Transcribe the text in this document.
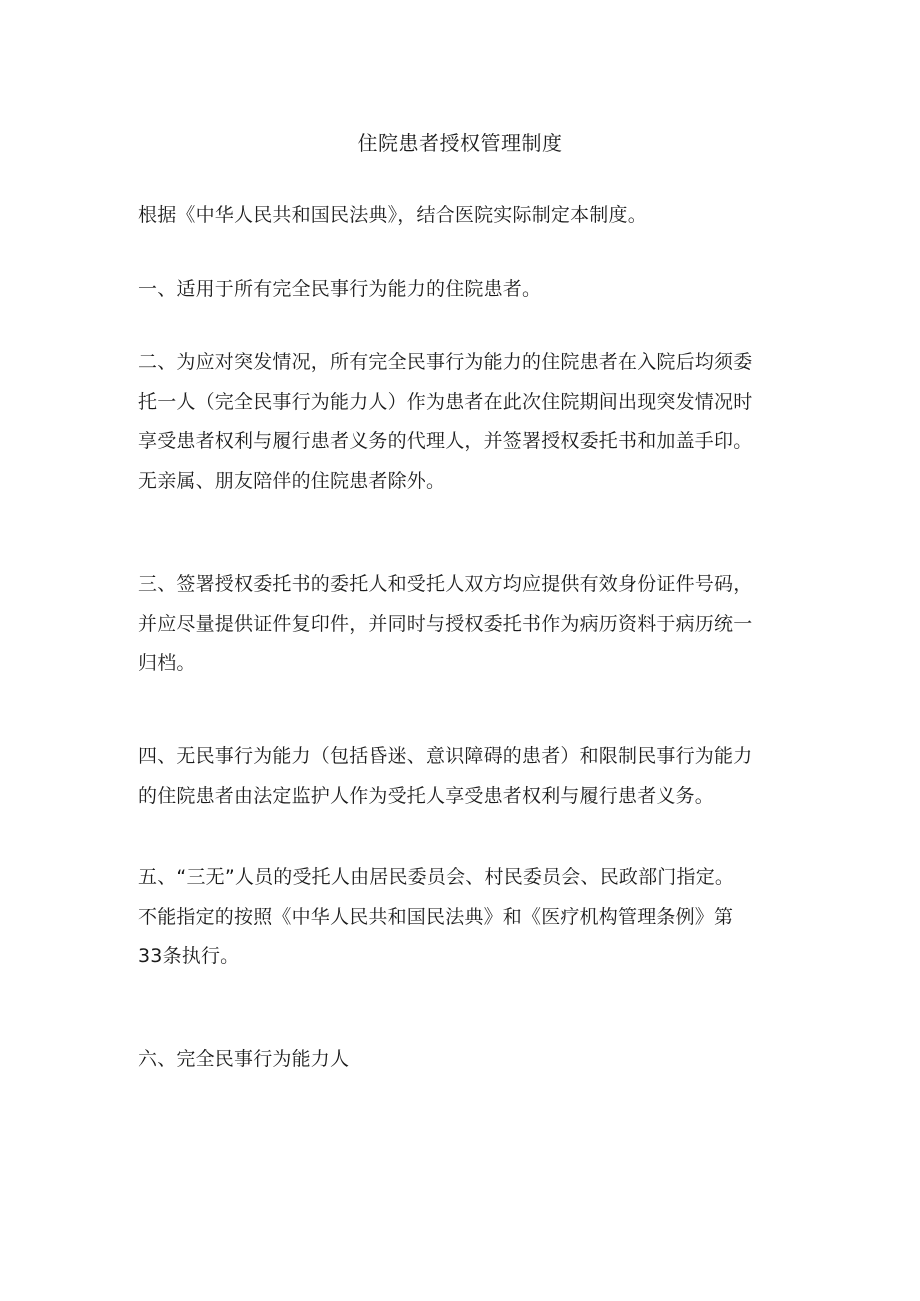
住院患者授权管理制度
根据《中华人民共和国民法典》，结合医院实际制定本制度。
一、适用于所有完全民事行为能力的住院患者。
二、为应对突发情况，所有完全民事行为能力的住院患者在入院后均须委
托一人（完全民事行为能力人）作为患者在此次住院期间出现突发情况时
享受患者权利与履行患者义务的代理人，并签署授权委托书和加盖手印。
无亲属、朋友陪伴的住院患者除外。
三、签署授权委托书的委托人和受托人双方均应提供有效身份证件号码，
并应尽量提供证件复印件，并同时与授权委托书作为病历资料于病历统一
归档。
四、无民事行为能力（包括昏迷、意识障碍的患者）和限制民事行为能力
的住院患者由法定监护人作为受托人享受患者权利与履行患者义务。
五、“三无”人员的受托人由居民委员会、村民委员会、民政部门指定。
不能指定的按照《中华人民共和国民法典》和《医疗机构管理条例》第
33条执行。
六、完全民事行为能力人
